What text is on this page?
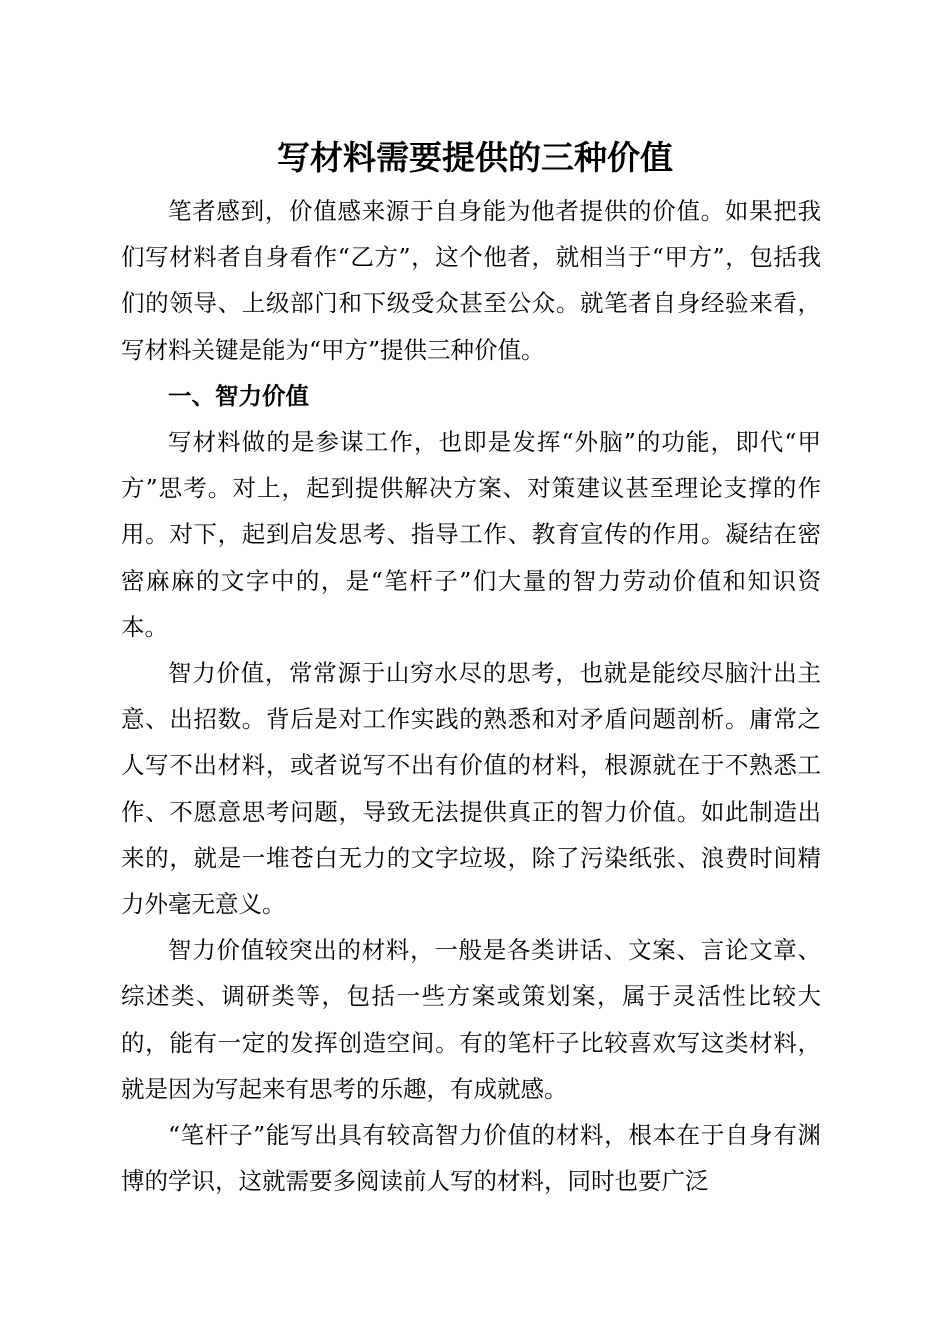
写材料需要提供的三种价值

笔者感到，价值感来源于自身能为他者提供的价值。如果把我们写材料者自身看作“乙方”，这个他者，就相当于“甲方”，包括我们的领导、上级部门和下级受众甚至公众。就笔者自身经验来看，写材料关键是能为“甲方”提供三种价值。

一、智力价值

写材料做的是参谋工作，也即是发挥“外脑”的功能，即代“甲方”思考。对上，起到提供解决方案、对策建议甚至理论支撑的作用。对下，起到启发思考、指导工作、教育宣传的作用。凝结在密密麻麻的文字中的，是“笔杆子”们大量的智力劳动价值和知识资本。

智力价值，常常源于山穷水尽的思考，也就是能绞尽脑汁出主意、出招数。背后是对工作实践的熟悉和对矛盾问题剖析。庸常之人写不出材料，或者说写不出有价值的材料，根源就在于不熟悉工作、不愿意思考问题，导致无法提供真正的智力价值。如此制造出来的，就是一堆苍白无力的文字垃圾，除了污染纸张、浪费时间精力外毫无意义。

智力价值较突出的材料，一般是各类讲话、文案、言论文章、综述类、调研类等，包括一些方案或策划案，属于灵活性比较大的，能有一定的发挥创造空间。有的笔杆子比较喜欢写这类材料，就是因为写起来有思考的乐趣，有成就感。

“笔杆子”能写出具有较高智力价值的材料，根本在于自身有渊博的学识，这就需要多阅读前人写的材料，同时也要广泛
